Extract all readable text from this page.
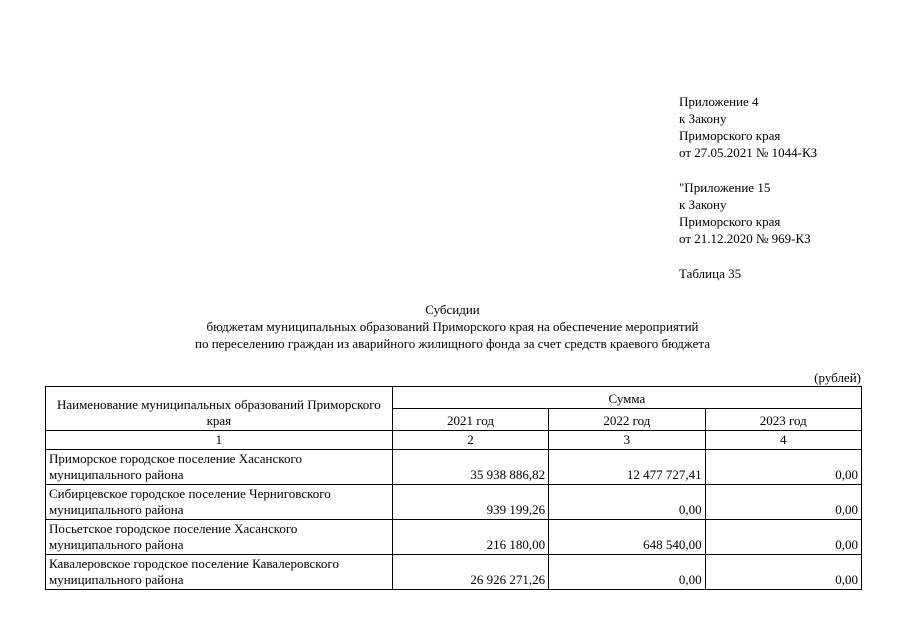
Приложение 4
к Закону
Приморского края
от 27.05.2021 № 1044-КЗ
"Приложение 15
к Закону
Приморского края
от 21.12.2020 № 969-КЗ
Таблица 35
Субсидии
бюджетам муниципальных образований Приморского края на обеспечение мероприятий
по переселению граждан из аварийного жилищного фонда за счет средств краевого бюджета
(рублей)
Наименование муниципальных образований Приморского края	Сумма		
	2021 год	2022 год	2023 год
1	2	3	4
Приморское городское поселение Хасанского муниципального района	35 938 886,82	12 477 727,41	0,00
Сибирцевское городское поселение Черниговского муниципального района	939 199,26	0,00	0,00
Посьетское городское поселение Хасанского муниципального района	216 180,00	648 540,00	0,00
Кавалеровское городское поселение Кавалеровского муниципального района	26 926 271,26	0,00	0,00
